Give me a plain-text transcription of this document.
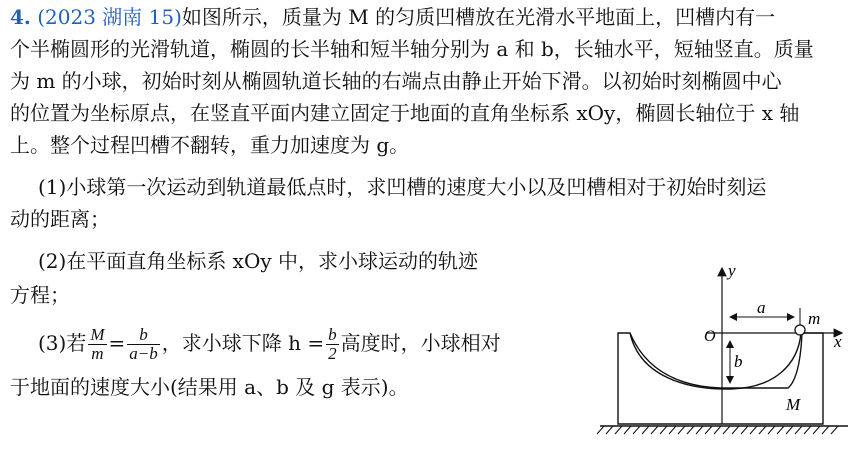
4. (2023 湖南 15)如图所示，质量为 M 的匀质凹槽放在光滑水平地面上，凹槽内有一
个半椭圆形的光滑轨道，椭圆的长半轴和短半轴分别为 a 和 b，长轴水平，短轴竖直。质量
为 m 的小球，初始时刻从椭圆轨道长轴的右端点由静止开始下滑。以初始时刻椭圆中心
的位置为坐标原点，在竖直平面内建立固定于地面的直角坐标系 xOy，椭圆长轴位于 x 轴
上。整个过程凹槽不翻转，重力加速度为 g。
(1)小球第一次运动到轨道最低点时，求凹槽的速度大小以及凹槽相对于初始时刻运
动的距离；
(2)在平面直角坐标系 xOy 中，求小球运动的轨迹
方程；
(3)若 $\frac{M}{m} = \frac{b}{a-b}$ ，求小球下降 $h = \frac{b}{2}$ 高度时，小球相对
于地面的速度大小(结果用 a、b 及 g 表示)。
y
x
O
a
b
m
M
